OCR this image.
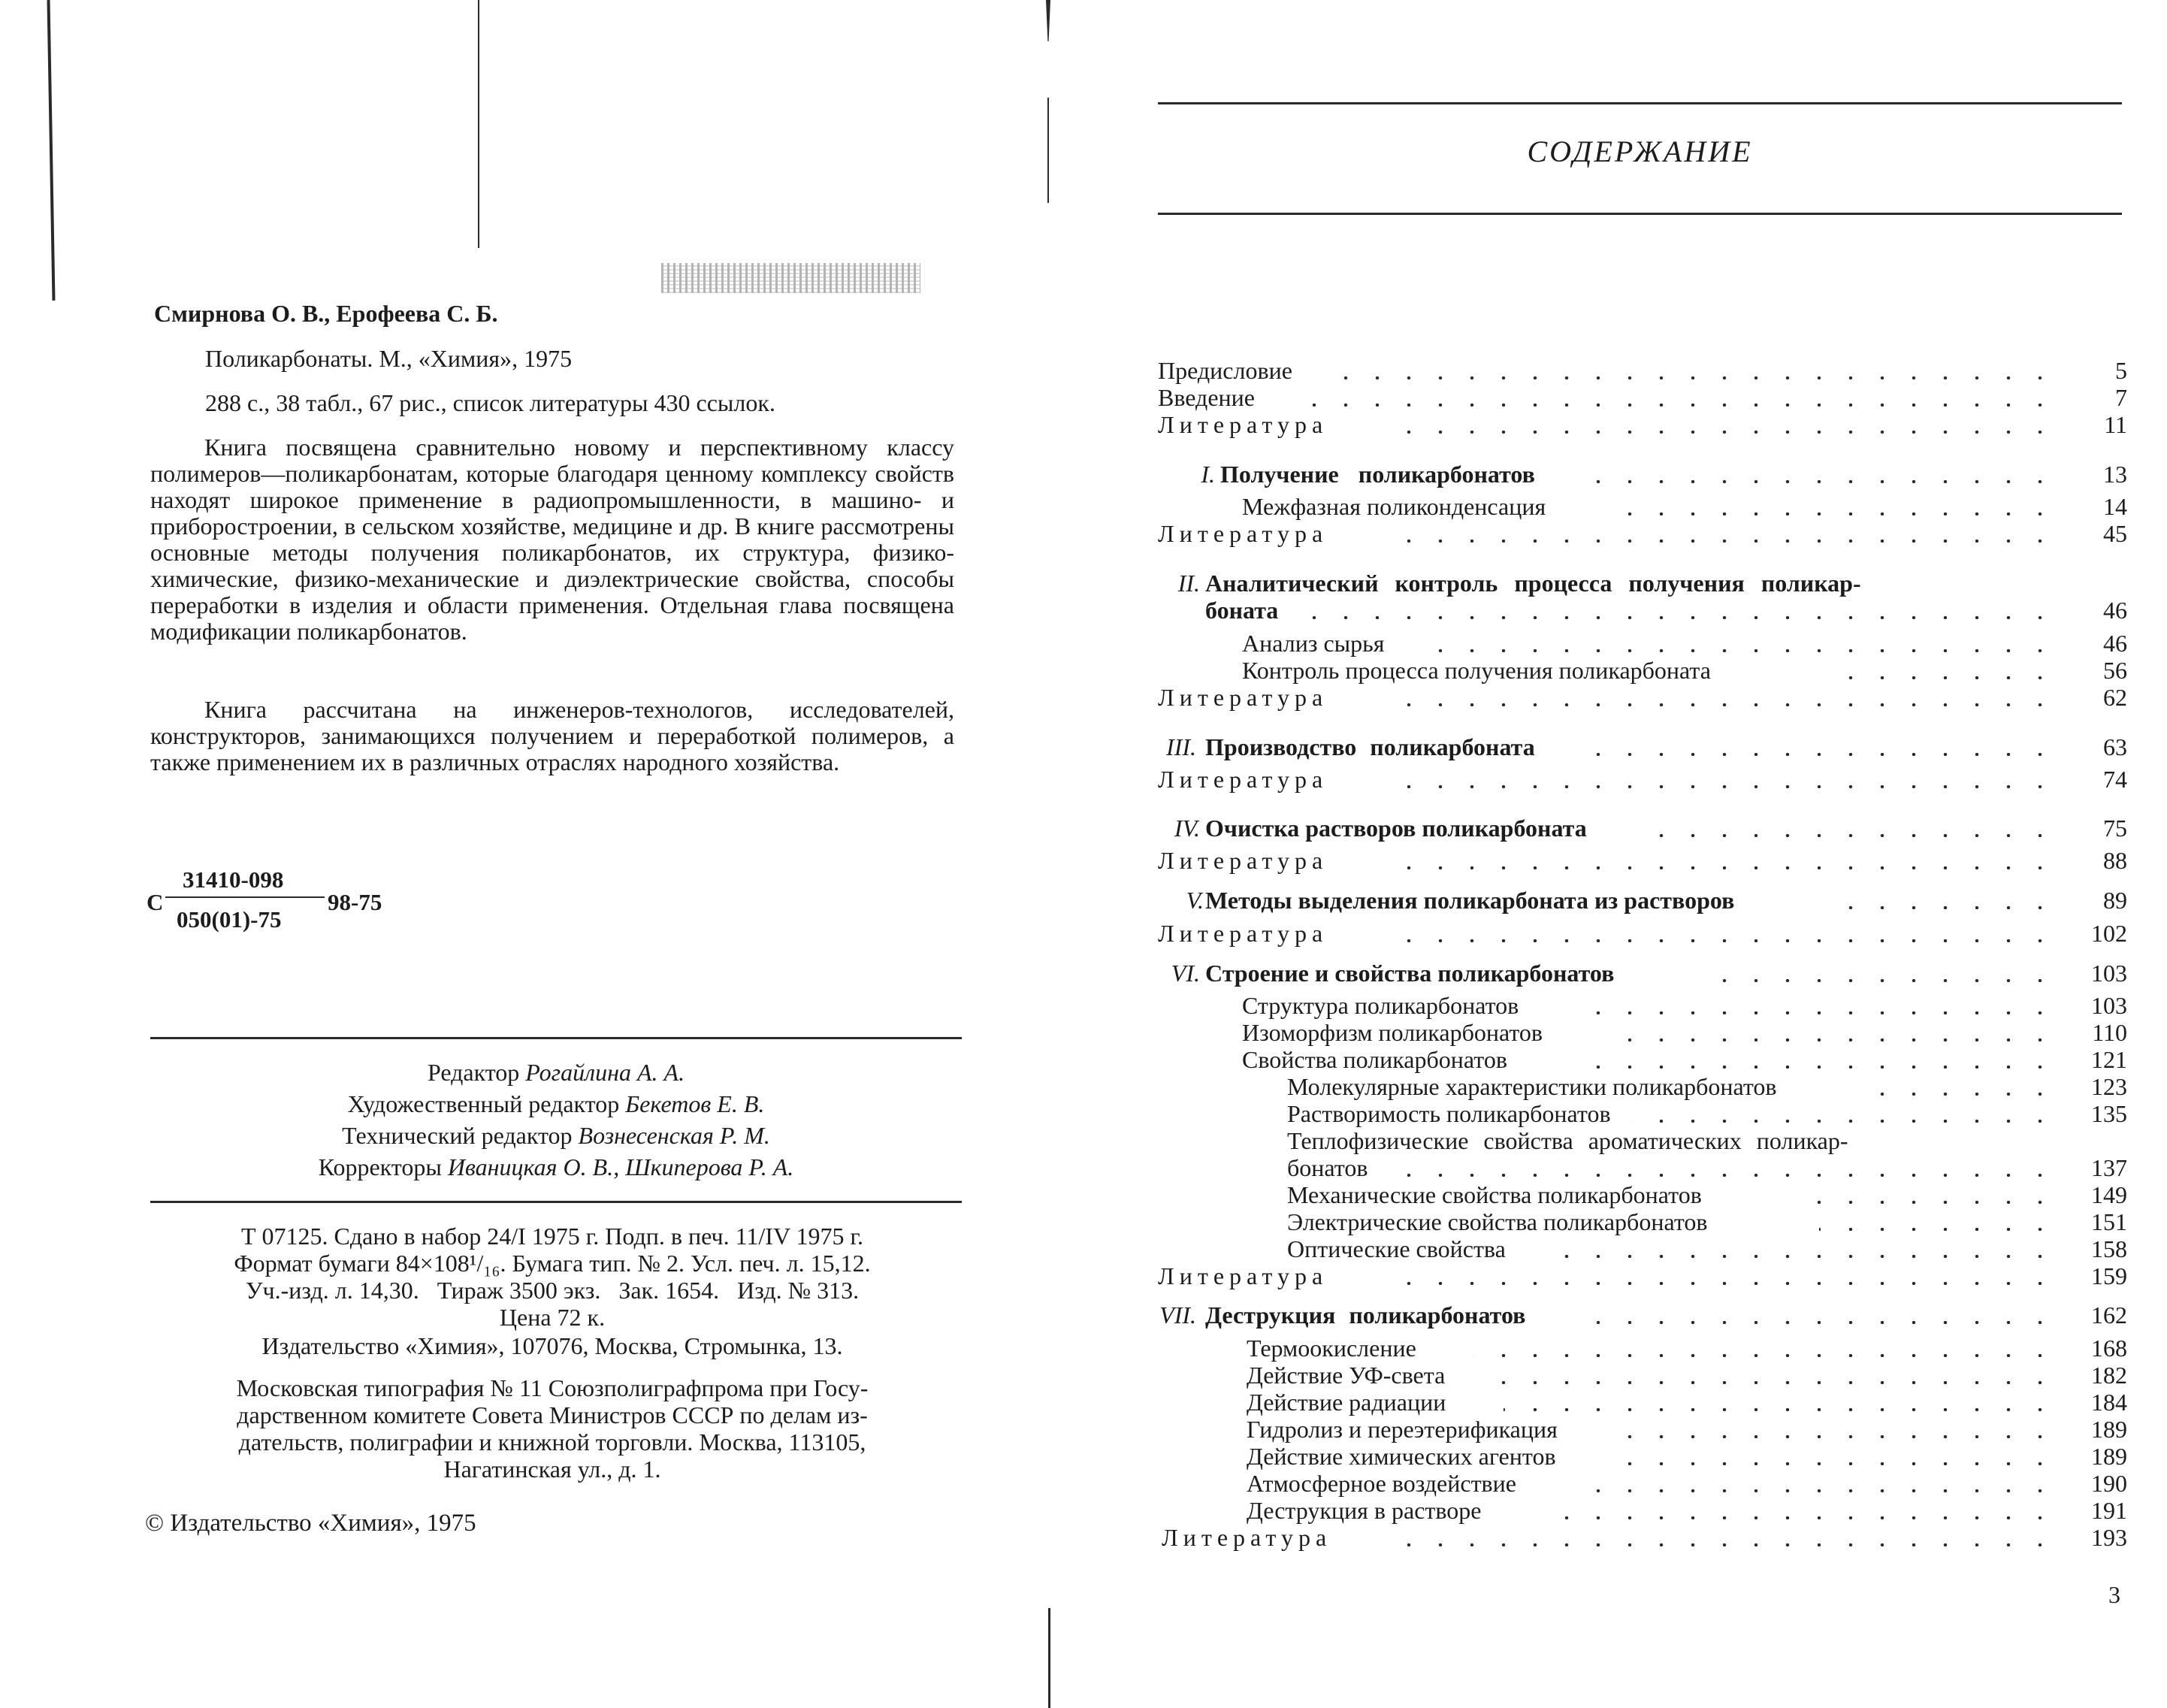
Смирнова О. В., Ерофеева С. Б.
Поликарбонаты. М., «Химия», 1975
288 с., 38 табл., 67 рис., список литературы 430 ссылок.
Книга посвящена сравнительно новому и перспективному классу полимеров—поликарбонатам, которые благодаря ценному комплексу свойств находят широкое применение в радиопромышленности, в машино- и приборостроении, в сельском хозяйстве, медицине и др. В книге рассмотрены основные методы получения поликарбонатов, их структура, физико-химические, физико-механические и диэлектрические свойства, способы переработки в изделия и области применения. Отдельная глава посвящена модификации поликарбонатов.
Книга рассчитана на инженеров-технологов, исследователей, конструкторов, занимающихся получением и переработкой полимеров, а также применением их в различных отраслях народного хозяйства.
С
31410-098
050(01)-75
98-75
Редактор Рогайлина А. А.
Художественный редактор Бекетов Е. В.
Технический редактор Вознесенская Р. М.
Корректоры Иваницкая О. В., Шкиперова Р. А.
Т 07125. Сдано в набор 24/I 1975 г. Подп. в печ. 11/IV 1975 г.
Формат бумаги 84×108¹/₁₆. Бумага тип. № 2. Усл. печ. л. 15,12.
Уч.-изд. л. 14,30.   Тираж 3500 экз.   Зак. 1654.   Изд. № 313.
Цена 72 к.
Издательство «Химия», 107076, Москва, Стромынка, 13.
Московская типография № 11 Союзполиграфпрома при Госу-
дарственном комитете Совета Министров СССР по делам из-
дательств, полиграфии и книжной торговли. Москва, 113105,
Нагатинская ул., д. 1.
© Издательство «Химия», 1975
СОДЕРЖАНИЕ
Предисловие	5
Введение	7
Литература	11
I. Получение поликарбонатов	13
Межфазная поликонденсация	14
Литература	45
II. Аналитический контроль процесса получения поликар-
боната	46
Анализ сырья	46
Контроль процесса получения поликарбоната	56
Литература	62
III. Производство поликарбоната	63
Литература	74
IV. Очистка растворов поликарбоната	75
Литература	88
V. Методы выделения поликарбоната из растворов	89
Литература	102
VI. Строение и свойства поликарбонатов	103
Структура поликарбонатов	103
Изоморфизм поликарбонатов	110
Свойства поликарбонатов	121
Молекулярные характеристики поликарбонатов	123
Растворимость поликарбонатов	135
Теплофизические свойства ароматических поликар-
бонатов	137
Механические свойства поликарбонатов	149
Электрические свойства поликарбонатов	151
Оптические свойства	158
Литература	159
VII. Деструкция поликарбонатов	162
Термоокисление	168
Действие УФ-света	182
Действие радиации	184
Гидролиз и переэтерификация	189
Действие химических агентов	189
Атмосферное воздействие	190
Деструкция в растворе	191
Литература	193
3
